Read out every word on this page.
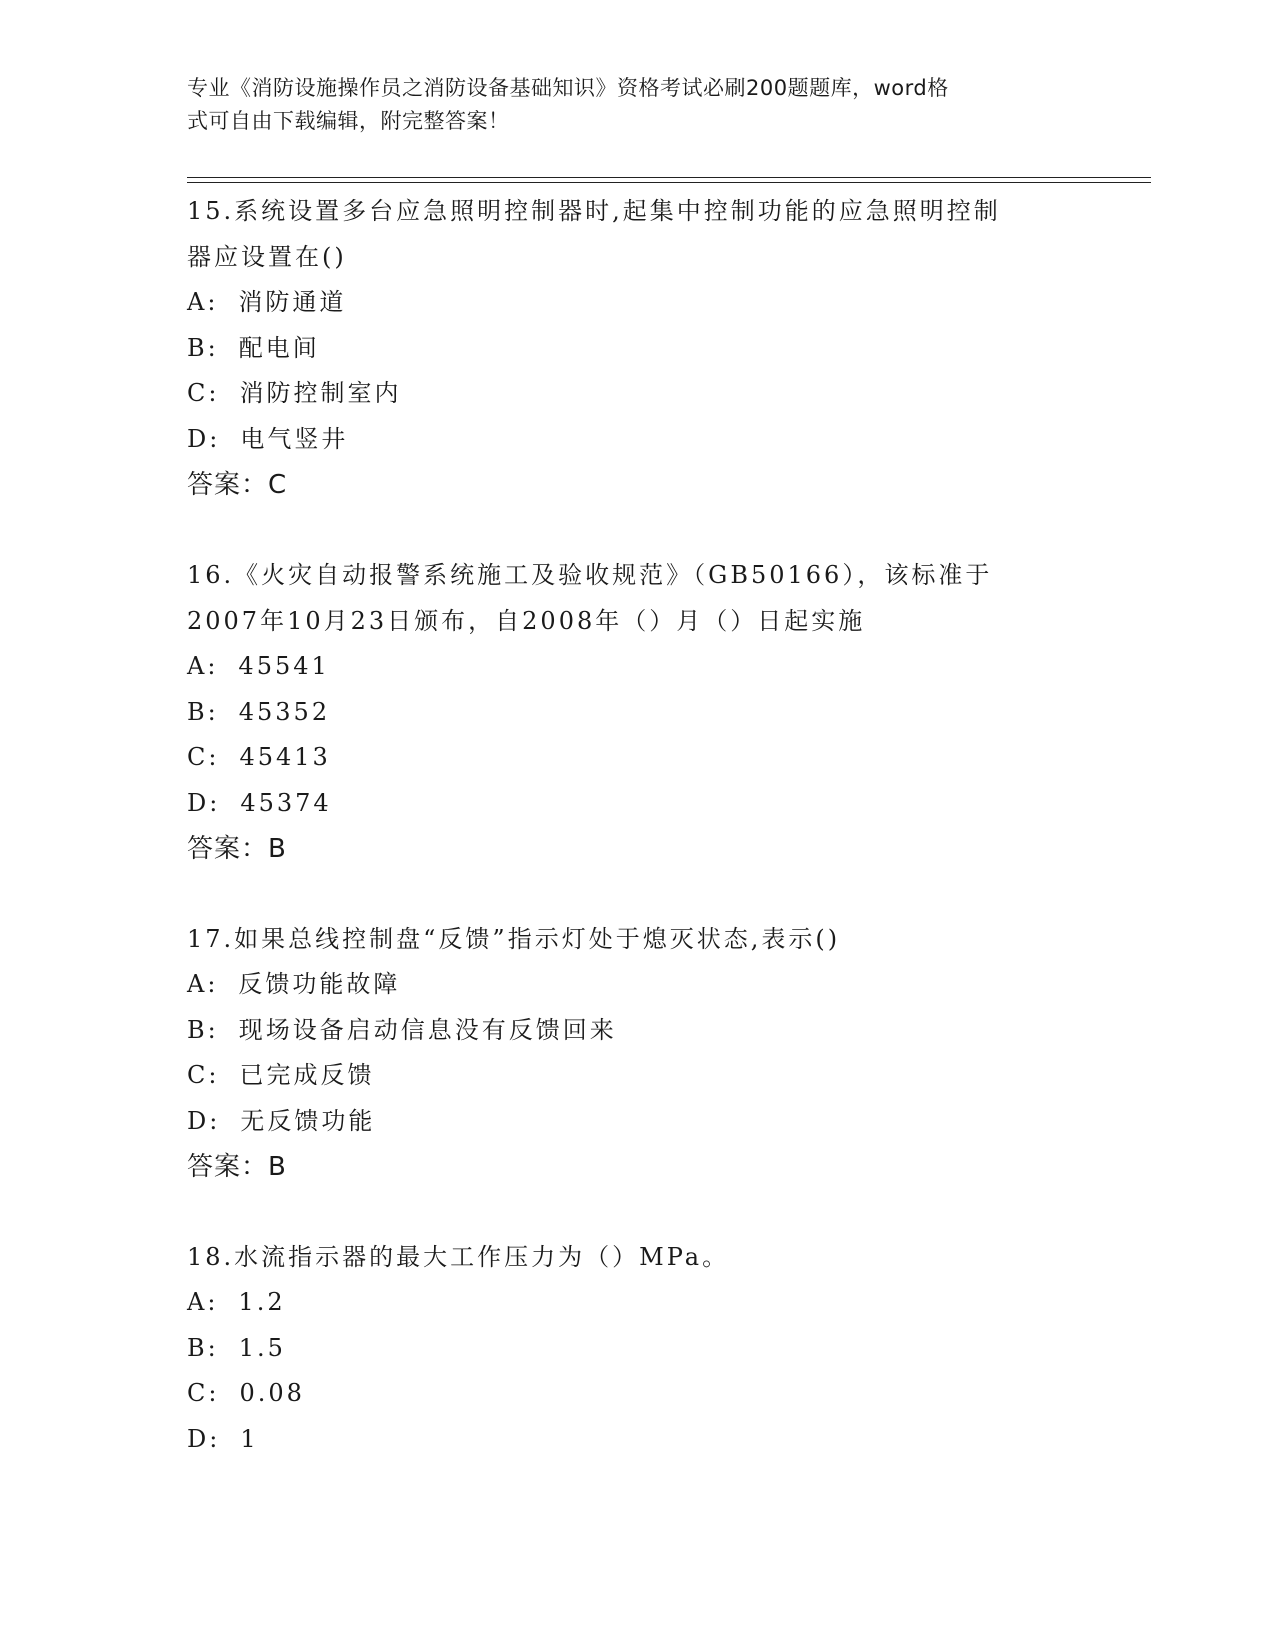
专业《消防设施操作员之消防设备基础知识》资格考试必刷200题题库，word格
式可自由下载编辑，附完整答案！
15.系统设置多台应急照明控制器时,起集中控制功能的应急照明控制
器应设置在()
A: 消防通道
B: 配电间
C: 消防控制室内
D: 电气竖井
答案：C
16.《火灾自动报警系统施工及验收规范》（GB50166），该标准于
2007年10月23日颁布，自2008年（）月（）日起实施
A: 45541
B: 45352
C: 45413
D: 45374
答案：B
17.如果总线控制盘“反馈”指示灯处于熄灭状态,表示()
A: 反馈功能故障
B: 现场设备启动信息没有反馈回来
C: 已完成反馈
D: 无反馈功能
答案：B
18.水流指示器的最大工作压力为（）MPa。
A: 1.2
B: 1.5
C: 0.08
D: 1
